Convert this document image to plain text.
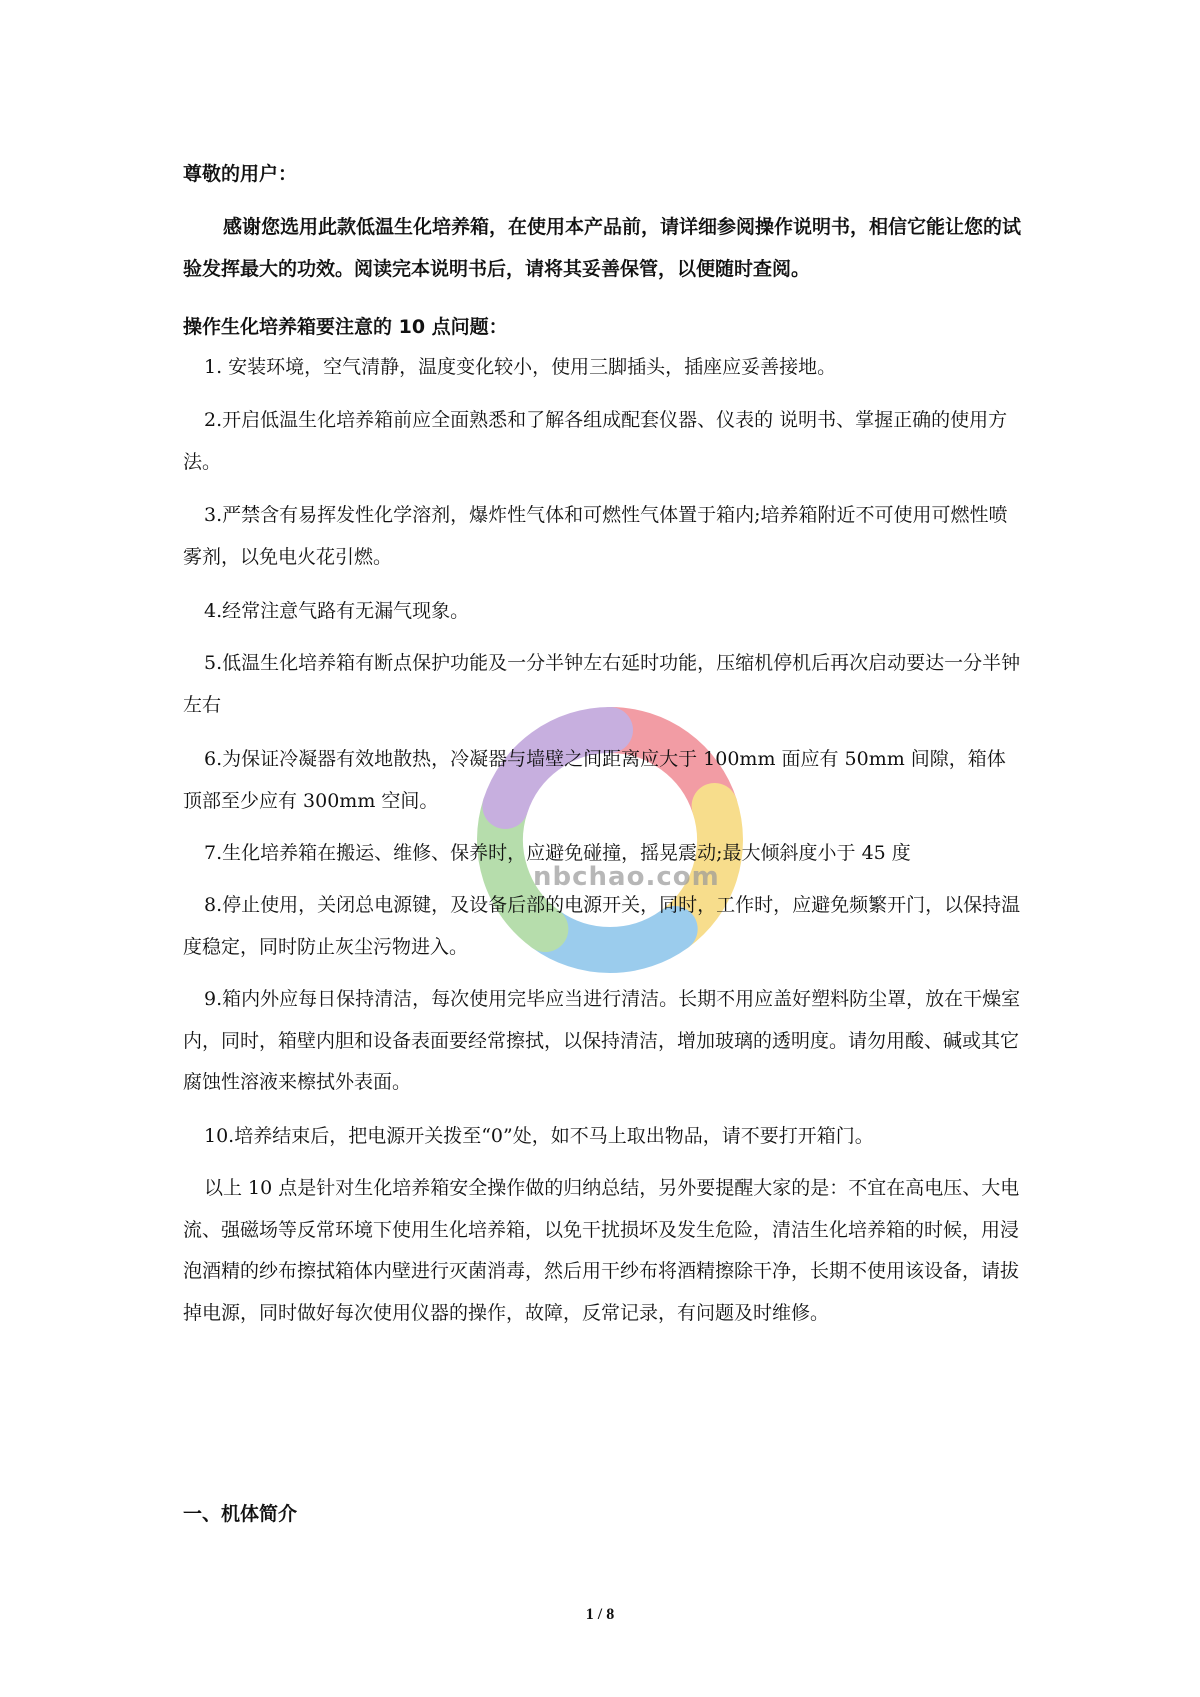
nbchao.com
尊敬的用户：
感谢您选用此款低温生化培养箱，在使用本产品前，请详细参阅操作说明书，相信它能让您的试验发挥最大的功效。阅读完本说明书后，请将其妥善保管，以便随时查阅。
操作生化培养箱要注意的 10 点问题：
1. 安装环境，空气清静，温度变化较小，使用三脚插头，插座应妥善接地。
2.开启低温生化培养箱前应全面熟悉和了解各组成配套仪器、仪表的 说明书、掌握正确的使用方法。
3.严禁含有易挥发性化学溶剂，爆炸性气体和可燃性气体置于箱内;培养箱附近不可使用可燃性喷雾剂，以免电火花引燃。
4.经常注意气路有无漏气现象。
5.低温生化培养箱有断点保护功能及一分半钟左右延时功能，压缩机停机后再次启动要达一分半钟左右
6.为保证冷凝器有效地散热，冷凝器与墙壁之间距离应大于 100mm 面应有 50mm 间隙，箱体顶部至少应有 300mm 空间。
7.生化培养箱在搬运、维修、保养时，应避免碰撞，摇晃震动;最大倾斜度小于 45 度
8.停止使用，关闭总电源键，及设备后部的电源开关，同时，工作时，应避免频繁开门，以保持温度稳定，同时防止灰尘污物进入。
9.箱内外应每日保持清洁，每次使用完毕应当进行清洁。长期不用应盖好塑料防尘罩，放在干燥室内，同时，箱壁内胆和设备表面要经常擦拭，以保持清洁，增加玻璃的透明度。请勿用酸、碱或其它腐蚀性溶液来檫拭外表面。
10.培养结束后，把电源开关拨至“0”处，如不马上取出物品，请不要打开箱门。
以上 10 点是针对生化培养箱安全操作做的归纳总结，另外要提醒大家的是：不宜在高电压、大电流、强磁场等反常环境下使用生化培养箱，以免干扰损坏及发生危险，清洁生化培养箱的时候，用浸泡酒精的纱布擦拭箱体内壁进行灭菌消毒，然后用干纱布将酒精擦除干净，长期不使用该设备，请拔掉电源，同时做好每次使用仪器的操作，故障，反常记录，有问题及时维修。
一、机体简介
1 / 8
